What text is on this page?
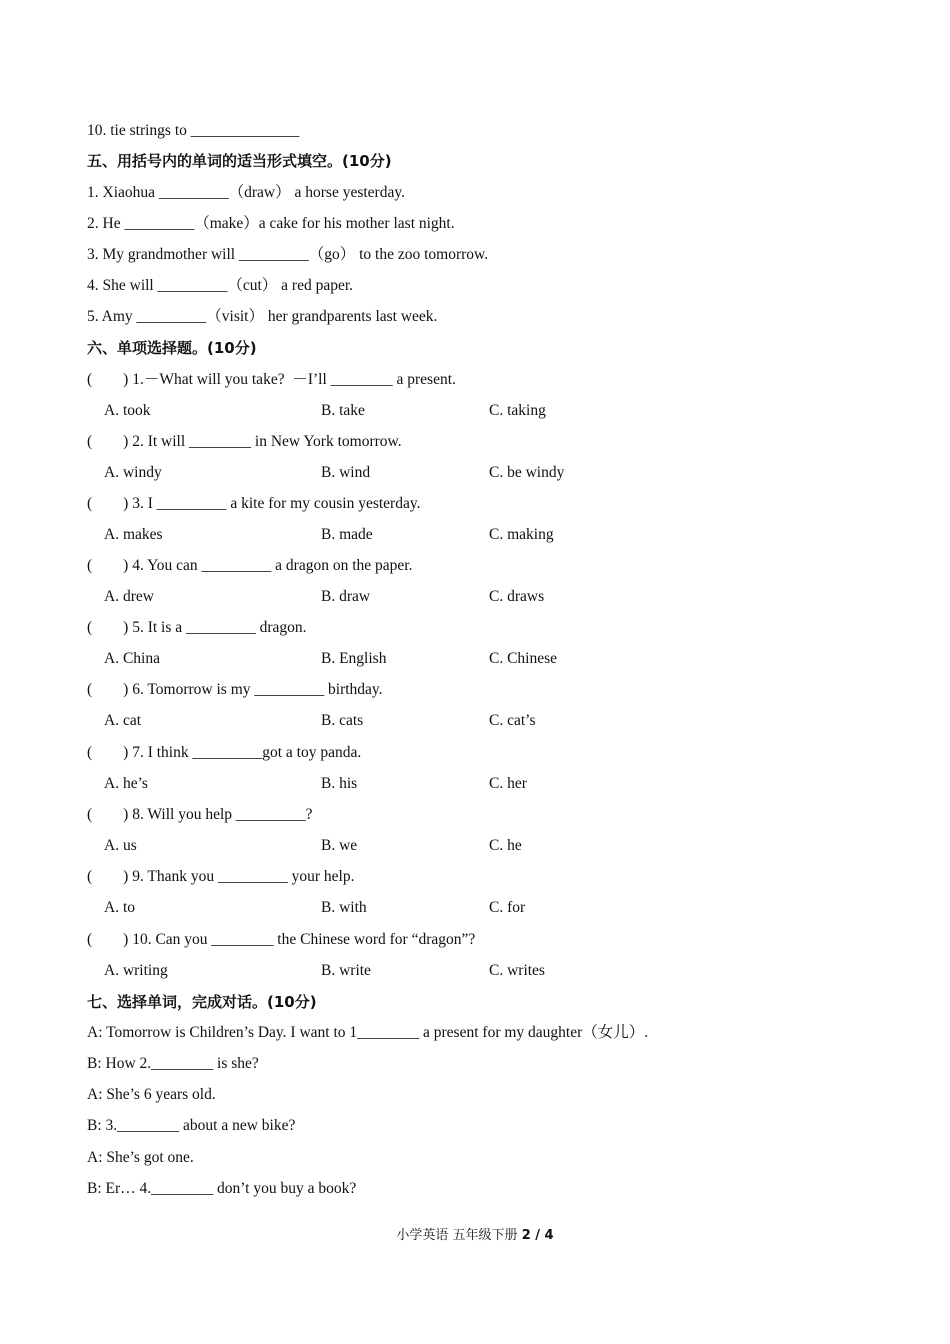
10. tie strings to ______________
五、用括号内的单词的适当形式填空。(10分)
1. Xiaohua _________（draw） a horse yesterday.
2. He _________（make）a cake for his mother last night.
3. My grandmother will _________（go） to the zoo tomorrow.
4. She will _________（cut） a red paper.
5. Amy _________（visit） her grandparents last week.
六、单项选择题。(10分)
(        ) 1.－What will you take?  －I’ll ________ a present.
A. took	B. take	C. taking
(        ) 2. It will ________ in New York tomorrow.
A. windy	B. wind	C. be windy
(        ) 3. I _________ a kite for my cousin yesterday.
A. makes	B. made	C. making
(        ) 4. You can _________ a dragon on the paper.
A. drew	B. draw	C. draws
(        ) 5. It is a _________ dragon.
A. China	B. English	C. Chinese
(        ) 6. Tomorrow is my _________ birthday.
A. cat	B. cats	C. cat’s
(        ) 7. I think _________got a toy panda.
A. he’s	B. his	C. her
(        ) 8. Will you help _________?
A. us	B. we	C. he
(        ) 9. Thank you _________ your help.
A. to	B. with	C. for
(        ) 10. Can you ________ the Chinese word for “dragon”?
A. writing	B. write	C. writes
七、选择单词，完成对话。(10分)
A: Tomorrow is Children’s Day. I want to 1________ a present for my daughter（女儿）.
B: How 2.________ is she?
A: She’s 6 years old.
B: 3.________ about a new bike?
A: She’s got one.
B: Er… 4.________ don’t you buy a book?
小学英语 五年级下册 2 / 4
